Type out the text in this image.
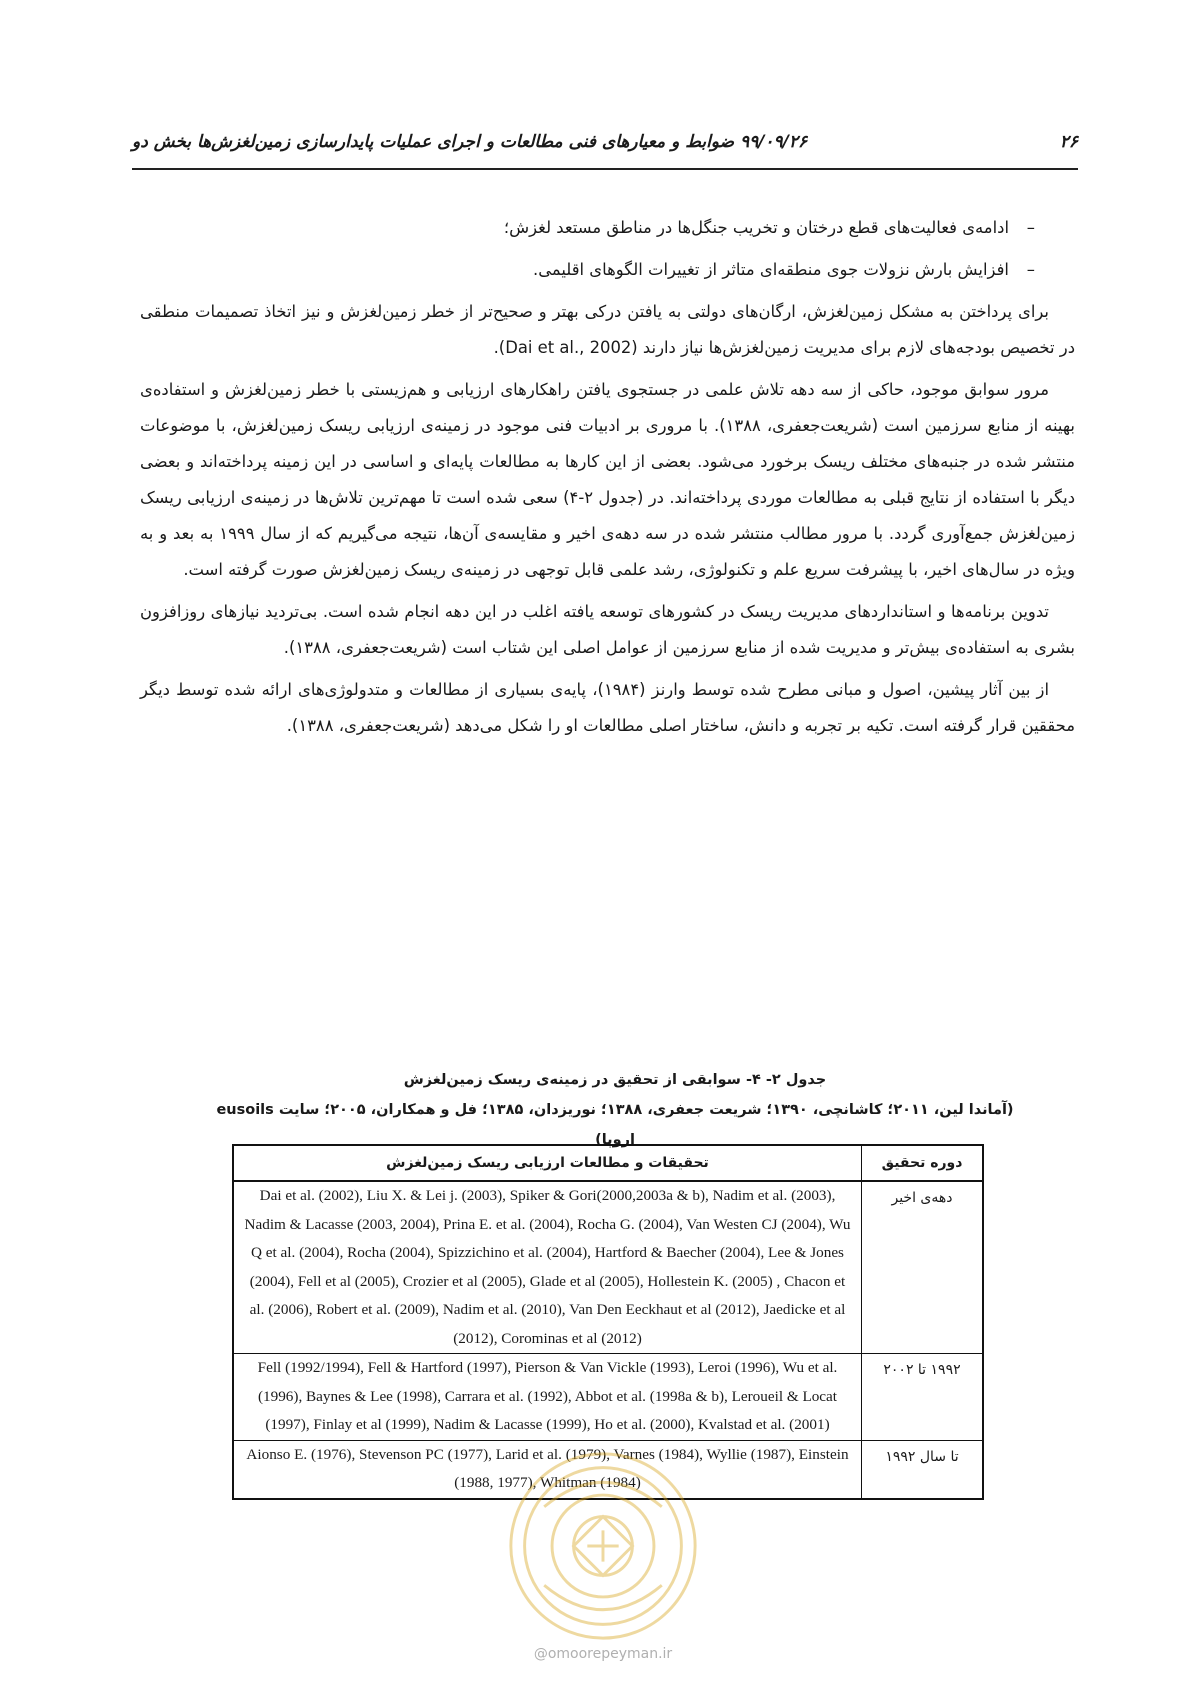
۲۶
۹۹/۰۹/۲۶ ضوابط و معیارهای فنی مطالعات و اجرای عملیات پایدارسازی زمین‌لغزش‌ها بخش دو

–ادامه‌ی فعالیت‌های قطع درختان و تخریب جنگل‌ها در مناطق مستعد لغزش؛

–افزایش بارش نزولات جوی منطقه‌ای متاثر از تغییرات الگوهای اقلیمی.

برای پرداختن به مشکل زمین‌لغزش، ارگان‌های دولتی به یافتن درکی بهتر و صحیح‌تر از خطر زمین‌لغزش و نیز اتخاذ تصمیمات منطقی در تخصیص بودجه‌های لازم برای مدیریت زمین‌لغزش‌ها نیاز دارند (Dai et al., 2002).

مرور سوابق موجود، حاکی از سه دهه تلاش علمی در جستجوی یافتن راهکارهای ارزیابی و هم‌زیستی با خطر زمین‌لغزش و استفاده‌ی بهینه از منابع سرزمین است (شریعت‌جعفری، ۱۳۸۸). با مروری بر ادبیات فنی موجود در زمینه‌ی ارزیابی ریسک زمین‌لغزش، با موضوعات منتشر شده در جنبه‌های مختلف ریسک برخورد می‌شود. بعضی از این کارها به مطالعات پایه‌ای و اساسی در این زمینه پرداخته‌اند و بعضی دیگر با استفاده از نتایج قبلی به مطالعات موردی پرداخته‌اند. در (جدول ۲-۴) سعی شده است تا مهم‌ترین تلاش‌ها در زمینه‌ی ارزیابی ریسک زمین‌لغزش جمع‌آوری گردد. با مرور مطالب منتشر شده در سه دهه‌ی اخیر و مقایسه‌ی آن‌ها، نتیجه می‌گیریم که از سال ۱۹۹۹ به بعد و به ویژه در سال‌های اخیر، با پیشرفت سریع علم و تکنولوژی، رشد علمی قابل توجهی در زمینه‌ی ریسک زمین‌لغزش صورت گرفته است.

تدوین برنامه‌ها و استانداردهای مدیریت ریسک در کشورهای توسعه یافته اغلب در این دهه انجام شده است. بی‌تردید نیازهای روزافزون بشری به استفاده‌ی بیش‌تر و مدیریت شده از منابع سرزمین از عوامل اصلی این شتاب است (شریعت‌جعفری، ۱۳۸۸).

از بین آثار پیشین، اصول و مبانی مطرح شده توسط وارنز (۱۹۸۴)، پایه‌ی بسیاری از مطالعات و متدولوژی‌های ارائه شده توسط دیگر محققین قرار گرفته است. تکیه بر تجربه و دانش، ساختار اصلی مطالعات او را شکل می‌دهد (شریعت‌جعفری، ۱۳۸۸).

جدول ۲- ۴- سوابقی از تحقیق در زمینه‌ی ریسک زمین‌لغزش
(آماندا لین، ۲۰۱۱؛ کاشانچی، ۱۳۹۰؛ شریعت جعفری، ۱۳۸۸؛ نوریزدان، ۱۳۸۵؛ فل و همکاران، ۲۰۰۵؛ سایت eusoils اروپا)
دوره تحقیق	تحقیقات و مطالعات ارزیابی ریسک زمین‌لغزش
دهه‌ی اخیر	Dai et al. (2002), Liu X. & Lei j. (2003), Spiker & Gori(2000,2003a & b), Nadim et al. (2003), Nadim & Lacasse (2003, 2004), Prina E. et al. (2004), Rocha G. (2004), Van Westen CJ (2004), Wu Q et al. (2004), Rocha (2004), Spizzichino et al. (2004), Hartford & Baecher (2004), Lee & Jones (2004), Fell et al (2005), Crozier et al (2005), Glade et al (2005), Hollestein K. (2005) , Chacon et al. (2006), Robert et al. (2009), Nadim et al. (2010), Van Den Eeckhaut et al (2012), Jaedicke et al (2012), Corominas et al (2012)
۱۹۹۲ تا ۲۰۰۲	Fell (1992/1994), Fell & Hartford (1997), Pierson & Van Vickle (1993), Leroi (1996), Wu et al. (1996), Baynes & Lee (1998), Carrara et al. (1992), Abbot et al. (1998a & b), Leroueil & Locat (1997), Finlay et al (1999), Nadim & Lacasse (1999), Ho et al. (2000), Kvalstad et al. (2001)
تا سال ۱۹۹۲	Aionso E. (1976), Stevenson PC (1977), Larid et al. (1979), Varnes (1984), Wyllie (1987), Einstein (1988, 1977), Whitman (1984)
@omoorepeyman.ir
